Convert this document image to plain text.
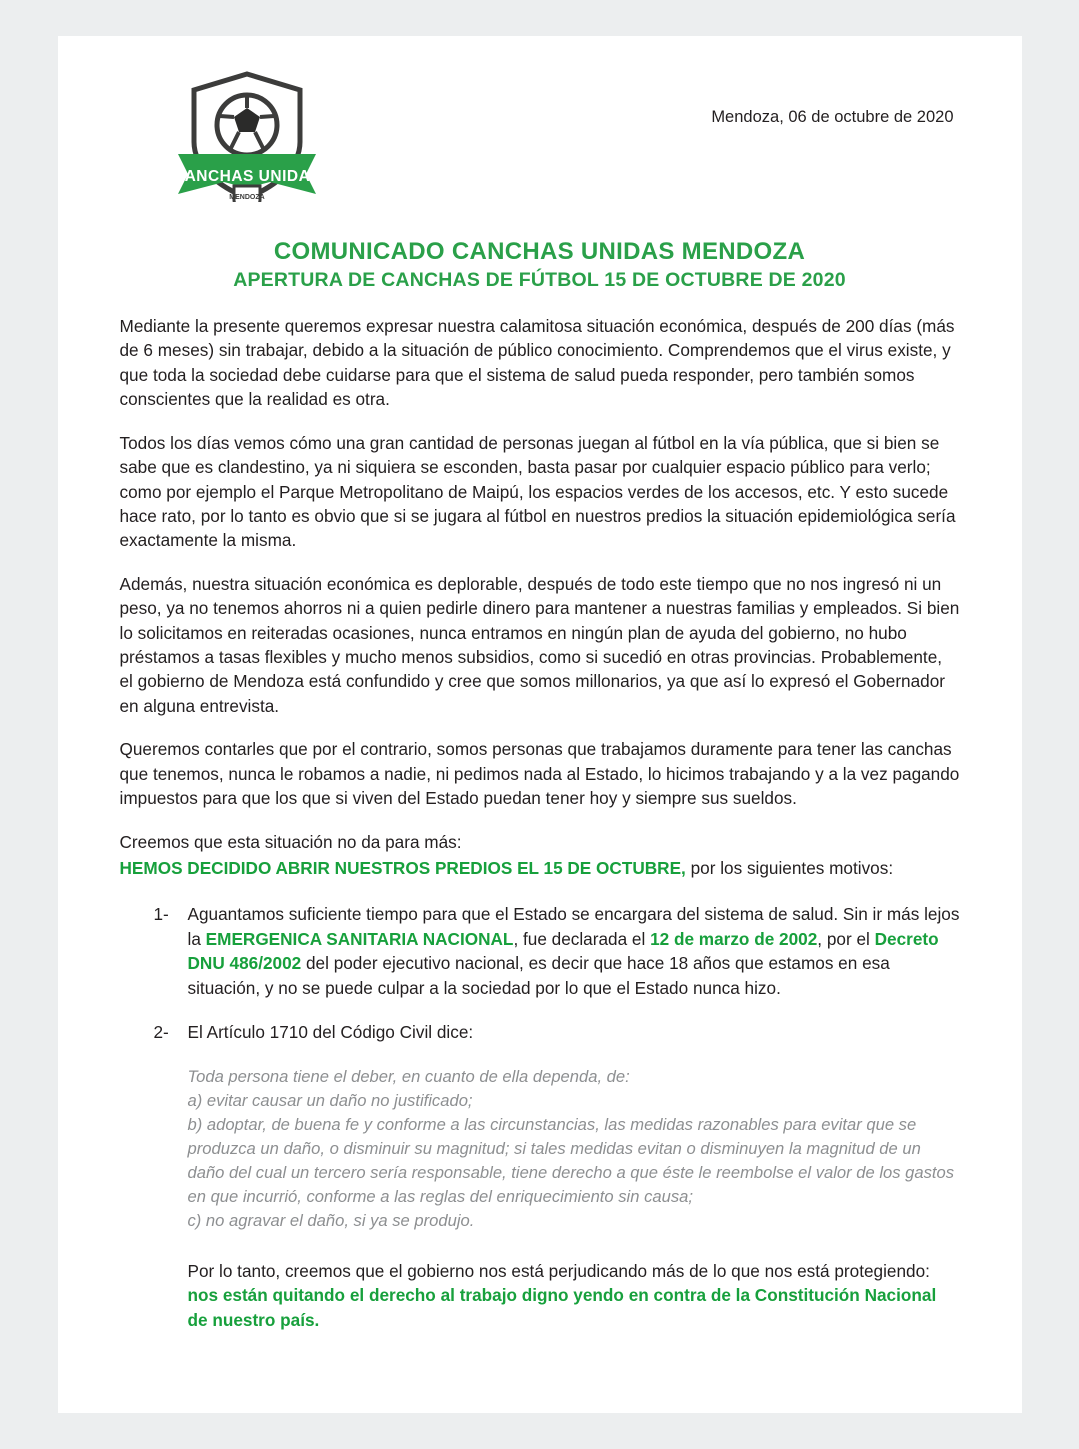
CANCHAS UNIDAS
MENDOZA
Mendoza, 06 de octubre de 2020
COMUNICADO CANCHAS UNIDAS MENDOZA
APERTURA DE CANCHAS DE FÚTBOL 15 DE OCTUBRE DE 2020

Mediante la presente queremos expresar nuestra calamitosa situación económica, después de 200 días (más de 6 meses) sin trabajar, debido a la situación de público conocimiento. Comprendemos que el virus existe, y que toda la sociedad debe cuidarse para que el sistema de salud pueda responder, pero también somos conscientes que la realidad es otra.

Todos los días vemos cómo una gran cantidad de personas juegan al fútbol en la vía pública, que si bien se sabe que es clandestino, ya ni siquiera se esconden, basta pasar por cualquier espacio público para verlo; como por ejemplo el Parque Metropolitano de Maipú, los espacios verdes de los accesos, etc. Y esto sucede hace rato, por lo tanto es obvio que si se jugara al fútbol en nuestros predios la situación epidemiológica sería exactamente la misma.

Además, nuestra situación económica es deplorable, después de todo este tiempo que no nos ingresó ni un peso, ya no tenemos ahorros ni a quien pedirle dinero para mantener a nuestras familias y empleados. Si bien lo solicitamos en reiteradas ocasiones, nunca entramos en ningún plan de ayuda del gobierno, no hubo préstamos a tasas flexibles y mucho menos subsidios, como si sucedió en otras provincias. Probablemente, el gobierno de Mendoza está confundido y cree que somos millonarios, ya que así lo expresó el Gobernador en alguna entrevista.

Queremos contarles que por el contrario, somos personas que trabajamos duramente para tener las canchas que tenemos, nunca le robamos a nadie, ni pedimos nada al Estado, lo hicimos trabajando y a la vez pagando impuestos para que los que si viven del Estado puedan tener hoy y siempre sus sueldos.

Creemos que esta situación no da para más:

HEMOS DECIDIDO ABRIR NUESTROS PREDIOS EL 15 DE OCTUBRE, por los siguientes motivos:

1-	Aguantamos suficiente tiempo para que el Estado se encargara del sistema de salud. Sin ir más lejos la EMERGENICA SANITARIA NACIONAL, fue declarada el 12 de marzo de 2002, por el Decreto DNU 486/2002 del poder ejecutivo nacional, es decir que hace 18 años que estamos en esa situación, y no se puede culpar a la sociedad por lo que el Estado nunca hizo.
2-	El Artículo 1710 del Código Civil dice:
Toda persona tiene el deber, en cuanto de ella dependa, de:
a) evitar causar un daño no justificado;
b) adoptar, de buena fe y conforme a las circunstancias, las medidas razonables para evitar que se produzca un daño, o disminuir su magnitud; si tales medidas evitan o disminuyen la magnitud de un daño del cual un tercero sería responsable, tiene derecho a que éste le reembolse el valor de los gastos en que incurrió, conforme a las reglas del enriquecimiento sin causa;
c) no agravar el daño, si ya se produjo.
Por lo tanto, creemos que el gobierno nos está perjudicando más de lo que nos está protegiendo: nos están quitando el derecho al trabajo digno yendo en contra de la Constitución Nacional de nuestro país.
